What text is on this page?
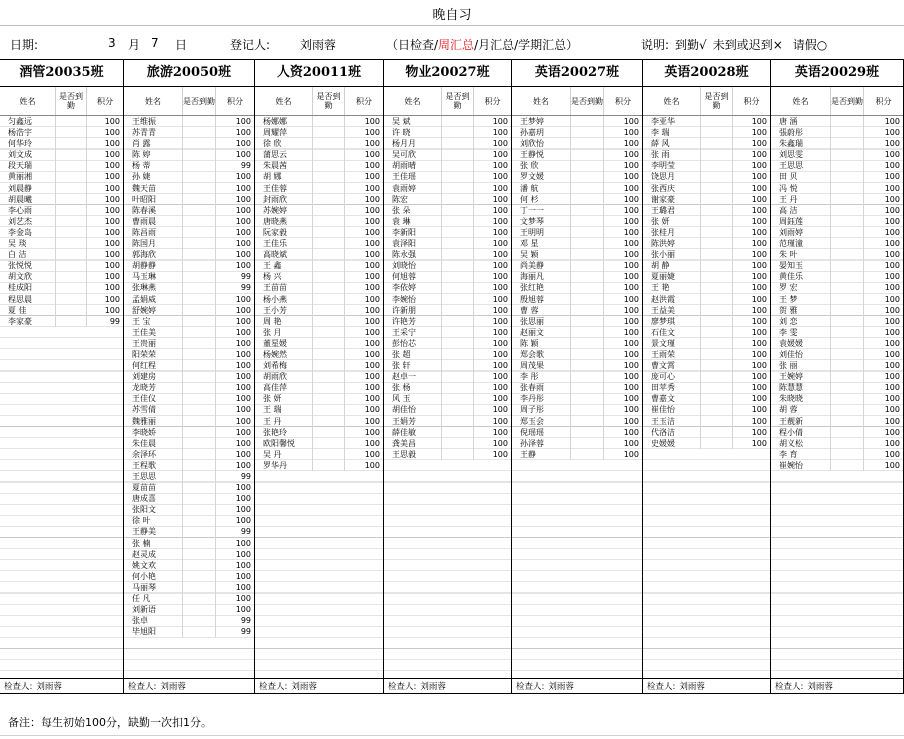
晚自习
日期:	3 月 7 日	登记人: 刘雨蓉	（日检查/周汇总/月汇总/学期汇总）	说明: 到勤√ 未到或迟到× 请假○
酒管20035班
姓名	是否到勤	积分
匀鑫远	100
杨浩宇	100
何华玲	100
刘文成	100
段天瑞	100
黄丽湘	100
刘晨静	100
胡晨曦	100
李心雨	100
刘艺杰	100
李金岛	100
吴 琰	100
白 洁	100
张悦悦	100
胡文欣	100
桂成阳	100
程思晨	100
夏 佳	100
李家豪	99
检查人: 刘雨蓉
旅游20050班
姓名	是否到勤	积分
王维振	100
苏青青	100
肖 露	100
陈 婷	100
杨 蒂	99
孙 婕	100
魏天苗	100
叶昭阳	100
陈春溪	100
曹雨晨	100
陈昌雨	100
陈国月	100
郭海欣	100
胡静静	100
马玉琳	99
张琳燕	99
孟娟威	100
舒婉婷	100
王 宝	100
王佳美	100
王贵丽	100
阳荣荣	100
何红程	100
刘建房	100
龙晓芳	100
王佳仪	100
苏雪倩	100
魏雅丽	100
李晓娇	100
朱佳晨	100
余泽环	100
王程歌	100
王思思	99
夏苗苗	100
唐成喜	100
张阳文	100
徐 叶	100
王静美	99
张 楠	100
赵灵成	100
姚文欢	100
何小艳	100
马丽琴	100
任 凡	100
刘新语	100
张卓	99
毕旭阳	99
检查人: 刘雨蓉
人资20011班
姓名	是否到勤	积分
杨娜娜	100
周耀萍	100
徐 欣	100
蒲思云	100
朱晨茜	100
胡 娜	100
王佳蓉	100
封雨欣	100
苏婉婷	100
唐晓燕	100
阮家毅	100
王佳乐	100
高晓斌	100
王 鑫	100
杨 兴	100
王苗苗	100
杨小燕	100
王小芳	100
周 艳	100
张 月	100
董星媛	100
杨婉然	100
刘希梅	100
胡雨欣	100
高佳萍	100
张 妍	100
王 瑞	100
王 丹	100
张艳玲	100
欧阳馨悦	100
吴 丹	100
罗华丹	100
检查人: 刘雨蓉
物业20027班
姓名	是否到勤	积分
吴 斌	100
许 晓	100
杨月月	100
吴可欣	100
胡雨晴	100
王佳瑶	100
袁雨婷	100
陈宏	100
张 朵	100
袁 琳	100
李新阳	100
袁泽阳	100
陈永强	100
刘晓怡	100
何旭蓉	100
李依婷	100
李婉怡	100
许新朋	100
许艳芳	100
王采宁	100
彭怡芯	100
张 超	100
张 轩	100
赵卓一	100
张 杨	100
风 玉	100
胡佳怡	100
王娟芳	100
薛佳敏	100
龚美昌	100
王思毅	100
检查人: 刘雨蓉
英语20027班
姓名	是否到勤	积分
王梦婷	100
孙嘉玥	100
刘欣怡	100
王静悦	100
张 欣	100
罗文媛	100
潘 航	100
何 杉	100
丁一一	100
文梦琴	100
王明明	100
邓 星	100
吴 颖	100
尚美静	100
海丽凡	100
张红艳	100
殷旭蓉	100
曹 蓉	100
张思丽	100
赵丽文	100
陈 颖	100
郑会歌	100
周茂果	100
李 彤	100
张春雨	100
李丹彤	100
周子彤	100
郑玉会	100
倪瑶瑶	100
孙泽蓉	100
王静	100
检查人: 刘雨蓉
英语20028班
姓名	是否到勤	积分
李亚华	100
李 瑞	100
薛 风	100
张 雨	100
李明莹	100
饶思月	100
张西庆	100
谢家豪	100
王璐君	100
张 妍	100
张桂月	100
陈洪婷	100
张小丽	100
胡 静	100
夏丽婕	100
王 艳	100
赵洪霞	100
王益美	100
廖梦琪	100
石佳文	100
景文瑾	100
王雨荣	100
曹文霄	100
庞可心	100
田苹秀	100
曹嘉文	100
崔佳怡	100
王玉洁	100
代洛洁	100
史媛媛	100
检查人: 刘雨蓉
英语20029班
姓名	是否到勤	积分
唐 涵	100
張蔚彤	100
朱鑫瑞	100
刘思雯	100
王思思	100
田 贝	100
冯 悦	100
王 丹	100
高 洁	100
周鈺莲	100
刘雨婷	100
范瑾潼	100
朱 叶	100
晏知玉	100
黄佳乐	100
罗 宏	100
王 梦	100
贺 雅	100
刘 恋	100
李 雯	100
袁媛媛	100
刘佳怡	100
张 丽	100
王婉婷	100
陈慧慧	100
朱晓晓	100
胡 蓉	100
王靓新	100
程小倩	100
胡义松	100
李 育	100
崔婉怡	100
检查人: 刘雨蓉
备注：每生初始100分，缺勤一次扣1分。
